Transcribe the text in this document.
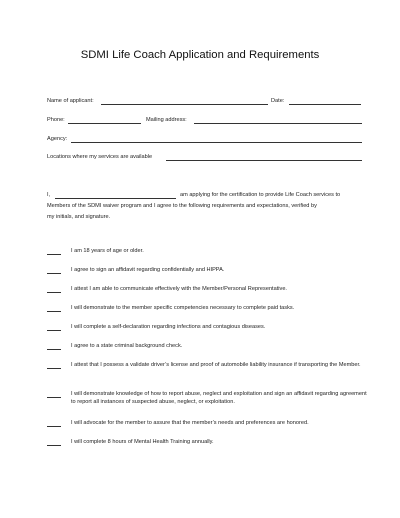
SDMI Life Coach Application and Requirements
Name of applicant:	Date:
Phone:	Mailing address:
Agency:
Locations where my services are available
I,	am applying for the certification to provide Life Coach services to
Members of the SDMI waiver program and I agree to the following requirements and expectations, verified by
my initials, and signature.
I am 18 years of age or older.
I agree to sign an affidavit regarding confidentially and HIPPA.
I attest I am able to communicate effectively with the Member/Personal Representative.
I will demonstrate to the member specific competencies necessary to complete paid tasks.
I will complete a self-declaration regarding infections and contagious diseases.
I agree to a state criminal background check.
I attest that I possess a validate driver’s license and proof of automobile liability insurance if transporting the Member.
I will demonstrate knowledge of how to report abuse, neglect and exploitation and sign an affidavit regarding agreement to report all instances of suspected abuse, neglect, or exploitation.
I will advocate for the member to assure that the member’s needs and preferences are honored.
I will complete 8 hours of Mental Health Training annually.
